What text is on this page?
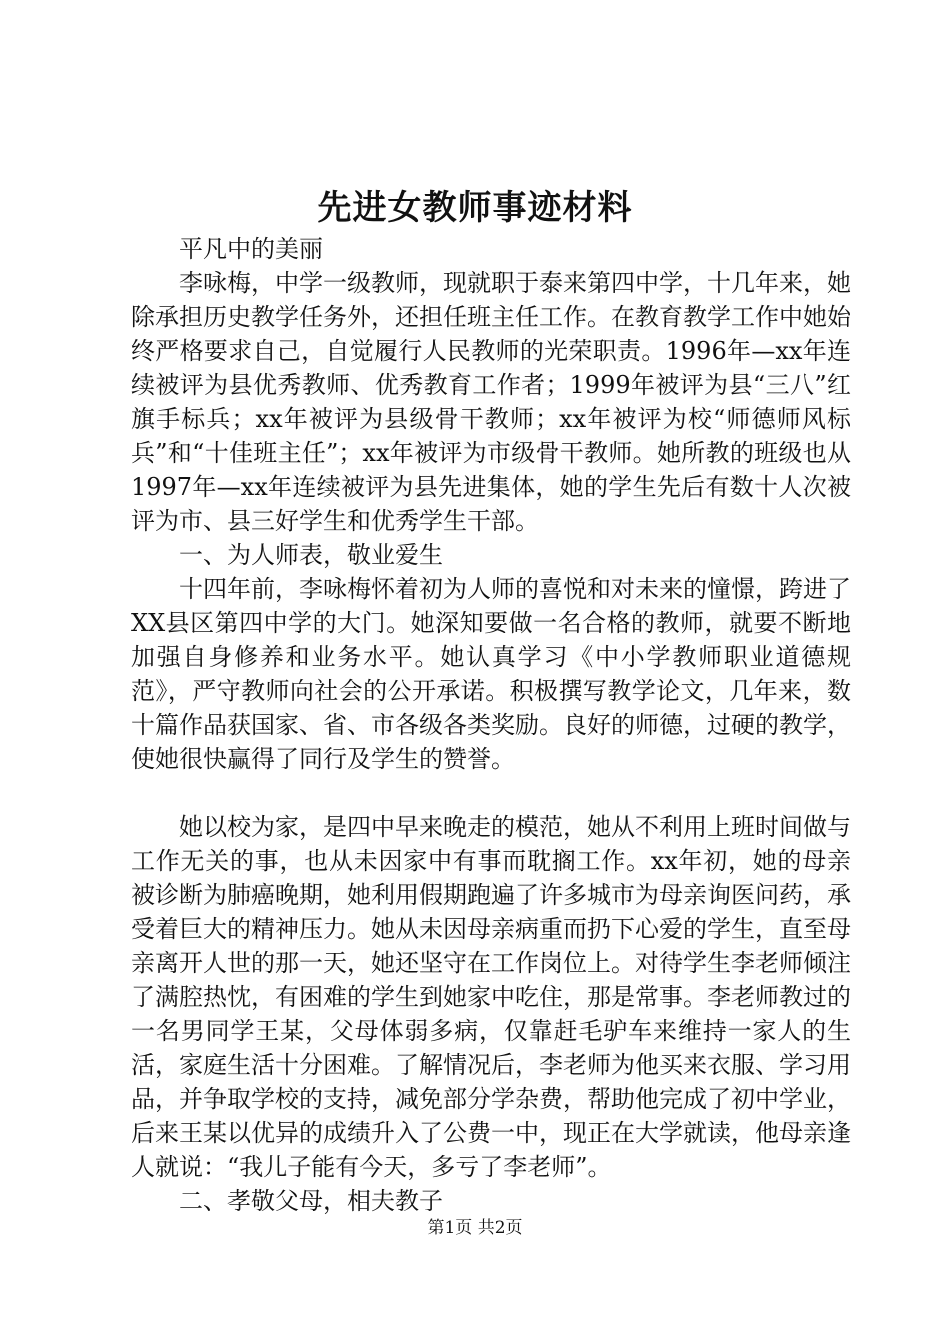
先进女教师事迹材料

平凡中的美丽

李咏梅，中学一级教师，现就职于泰来第四中学，十几年来，她除承担历史教学任务外，还担任班主任工作。在教育教学工作中她始终严格要求自己，自觉履行人民教师的光荣职责。1996年—xx年连续被评为县优秀教师、优秀教育工作者；1999年被评为县“三八”红旗手标兵；xx年被评为县级骨干教师；xx年被评为校“师德师风标兵”和“十佳班主任”；xx年被评为市级骨干教师。她所教的班级也从1997年—xx年连续被评为县先进集体，她的学生先后有数十人次被评为市、县三好学生和优秀学生干部。

一、为人师表，敬业爱生

十四年前，李咏梅怀着初为人师的喜悦和对未来的憧憬，跨进了XX县区第四中学的大门。她深知要做一名合格的教师，就要不断地加强自身修养和业务水平。她认真学习《中小学教师职业道德规范》，严守教师向社会的公开承诺。积极撰写教学论文，几年来，数十篇作品获国家、省、市各级各类奖励。良好的师德，过硬的教学，使她很快赢得了同行及学生的赞誉。

她以校为家，是四中早来晚走的模范，她从不利用上班时间做与工作无关的事，也从未因家中有事而耽搁工作。xx年初，她的母亲被诊断为肺癌晚期，她利用假期跑遍了许多城市为母亲询医问药，承受着巨大的精神压力。她从未因母亲病重而扔下心爱的学生，直至母亲离开人世的那一天，她还坚守在工作岗位上。对待学生李老师倾注了满腔热忱，有困难的学生到她家中吃住，那是常事。李老师教过的一名男同学王某，父母体弱多病，仅靠赶毛驴车来维持一家人的生活，家庭生活十分困难。了解情况后，李老师为他买来衣服、学习用品，并争取学校的支持，减免部分学杂费，帮助他完成了初中学业，后来王某以优异的成绩升入了公费一中，现正在大学就读，他母亲逢人就说：“我儿子能有今天，多亏了李老师”。

二、孝敬父母，相夫教子

第1页 共2页
